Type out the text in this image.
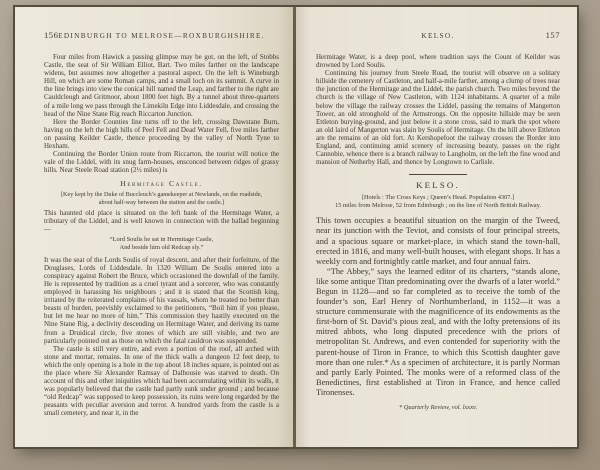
156 EDINBURGH TO MELROSE—ROXBURGHSHIRE.

Four miles from Hawick a passing glimpse may be got, on the left, of Stobbs Castle, the seat of Sir William Elliot, Bart. Two miles farther on the landscape widens, but assumes now altogether a pastoral aspect. On the left is Wineburgh Hill, on which are some Roman camps, and a small loch on its summit. A curve in the line brings into view the conical hill named the Leap, and farther to the right are Cauldcleugh and Gritmoor, about 1800 feet high. By a tunnel about three-quarters of a mile long we pass through the Limekiln Edge into Liddesdale, and crossing the head of the Nine Stane Rig reach Riccarton Junction.

Here the Border Counties line turns off to the left, crossing Dawstane Burn, having on the left the high hills of Peel Fell and Dead Water Fell, five miles farther on passing Keilder Castle, thence proceeding by the valley of North Tyne to Hexham.

Continuing the Border Union route from Riccarton, the tourist will notice the vale of the Liddel, with its snug farm-houses, ensconced between ridges of grassy hills. Near Steele Road station (2½ miles) is

Hermitage Castle.

[Key kept by the Duke of Buccleuch’s gamekeeper at Newlands, on the roadside, about half-way between the station and the castle.]

This haunted old place is situated on the left bank of the Hermitage Water, a tributary of the Liddel, and is well known in connection with the ballad beginning—

“Lord Soulis he sat in Hermitage Castle,
And beside him old Redcap sly.”

It was the seat of the Lords Soulis of royal descent, and after their forfeiture, of the Douglases, Lords of Liddesdale. In 1320 William De Soulis entered into a conspiracy against Robert the Bruce, which occasioned the downfall of the family. He is represented by tradition as a cruel tyrant and a sorcerer, who was constantly employed in harassing his neighbours ; and it is stated that the Scottish king, irritated by the reiterated complaints of his vassals, whom he treated no better than beasts of burden, peevishly exclaimed to the petitioners, “Boil him if you please, but let me hear no more of him.” This commission they hastily executed on the Nine Stane Rig, a declivity descending on Hermitage Water, and deriving its name from a Druidical circle, five stones of which are still visible, and two are particularly pointed out as those on which the fatal cauldron was suspended.

The castle is still very entire, and even a portion of the roof, all arched with stone and mortar, remains. In one of the thick walls a dungeon 12 feet deep, to which the only opening is a hole in the top about 18 inches square, is pointed out as the place where Sir Alexander Ramsay of Dalhousie was starved to death. On account of this and other iniquities which had been accumulating within its walls, it was popularly believed that the castle had partly sunk under ground ; and because “old Redcap” was supposed to keep possession, its ruins were long regarded by the peasants with peculiar aversion and terror. A hundred yards from the castle is a small cemetery, and near it, in the

KELSO.	157

Hermitage Water, is a deep pool, where tradition says the Count of Keilder was drowned by Lord Soulis.

Continuing his journey from Steele Road, the tourist will observe on a solitary hillside the cemetery of Castleton, and half-a-mile farther, among a clump of trees near the junction of the Hermitage and the Liddel, the parish church. Two miles beyond the church is the village of New Castleton, with 1124 inhabitants. A quarter of a mile below the village the railway crosses the Liddel, passing the remains of Mangerton Tower, an old stronghold of the Armstrongs. On the opposite hillside may be seen Ettleton burying-ground, and just below it a stone cross, said to mark the spot where an old laird of Mangerton was slain by Soulis of Hermitage. On the hill above Ettleton are the remains of an old fort. At Kershopefoot the railway crosses the Border into England, and, continuing amid scenery of increasing beauty, passes on the right Cannobie, whence there is a branch railway to Langholm, on the left the fine wood and mansion of Netherby Hall, and thence by Longtown to Carlisle.

KELSO.

[Hotels : The Cross Keys ; Queen’s Head. Population 4307.]

15 miles from Melrose, 52 from Edinburgh ; on the line of North British Railway.

This town occupies a beautiful situation on the margin of the Tweed, near its junction with the Teviot, and consists of four principal streets, and a spacious square or market-place, in which stand the town-hall, erected in 1816, and many well-built houses, with elegant shops. It has a weekly corn and fortnightly cattle market, and four annual fairs.

“The Abbey,” says the learned editor of its charters, “stands alone, like some antique Titan predominating over the dwarfs of a later world.” Begun in 1128—and so far completed as to receive the tomb of the founder’s son, Earl Henry of Northumberland, in 1152—it was a structure commensurate with the magnificence of its endowments as the first-born of St. David’s pious zeal, and with the lofty pretensions of its mitred abbots, who long disputed precedence with the priors of metropolitan St. Andrews, and even contended for superiority with the parent-house of Tiron in France, to which this Scottish daughter gave more than one ruler.* As a specimen of architecture, it is partly Norman and partly Early Pointed. The monks were of a reformed class of the Benedictines, first established at Tiron in France, and hence called Tironenses.

* Quarterly Review, vol. lxxxv.
